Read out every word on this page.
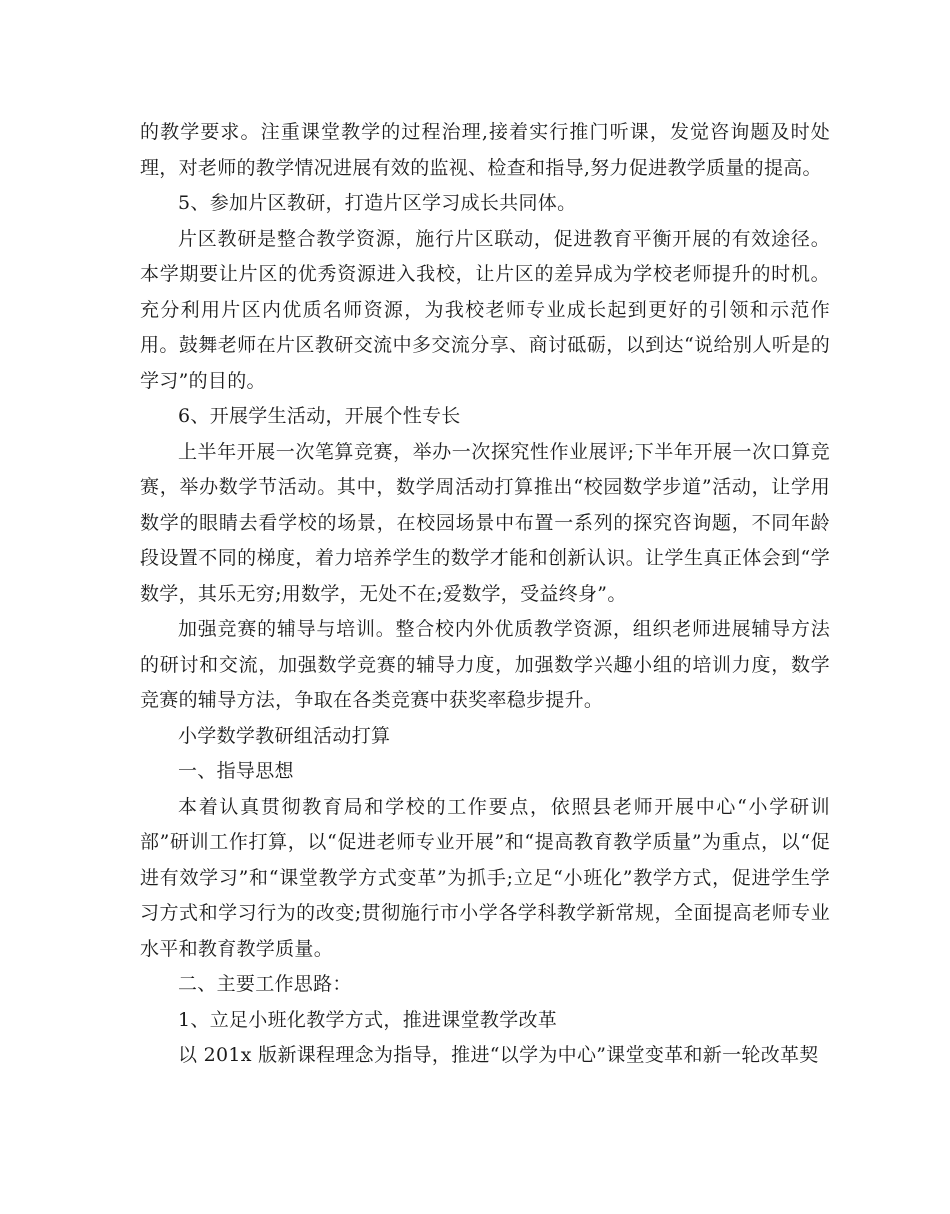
的教学要求。注重课堂教学的过程治理,接着实行推门听课，发觉咨询题及时处理，对老师的教学情况进展有效的监视、检查和指导,努力促进教学质量的提高。

5、参加片区教研，打造片区学习成长共同体。

片区教研是整合教学资源，施行片区联动，促进教育平衡开展的有效途径。本学期要让片区的优秀资源进入我校，让片区的差异成为学校老师提升的时机。充分利用片区内优质名师资源，为我校老师专业成长起到更好的引领和示范作用。鼓舞老师在片区教研交流中多交流分享、商讨砥砺，以到达“说给别人听是的学习”的目的。

6、开展学生活动，开展个性专长

上半年开展一次笔算竞赛，举办一次探究性作业展评;下半年开展一次口算竞赛，举办数学节活动。其中，数学周活动打算推出“校园数学步道”活动，让学用数学的眼睛去看学校的场景，在校园场景中布置一系列的探究咨询题，不同年龄段设置不同的梯度，着力培养学生的数学才能和创新认识。让学生真正体会到“学数学，其乐无穷;用数学，无处不在;爱数学，受益终身”。

加强竞赛的辅导与培训。整合校内外优质教学资源，组织老师进展辅导方法的研讨和交流，加强数学竞赛的辅导力度，加强数学兴趣小组的培训力度，数学竞赛的辅导方法，争取在各类竞赛中获奖率稳步提升。

小学数学教研组活动打算

一、指导思想

本着认真贯彻教育局和学校的工作要点，依照县老师开展中心“小学研训部”研训工作打算，以“促进老师专业开展”和“提高教育教学质量”为重点，以“促进有效学习”和“课堂教学方式变革”为抓手;立足“小班化”教学方式，促进学生学习方式和学习行为的改变;贯彻施行市小学各学科教学新常规，全面提高老师专业水平和教育教学质量。

二、主要工作思路：

1、立足小班化教学方式，推进课堂教学改革

以 201x 版新课程理念为指导，推进“以学为中心”课堂变革和新一轮改革契
